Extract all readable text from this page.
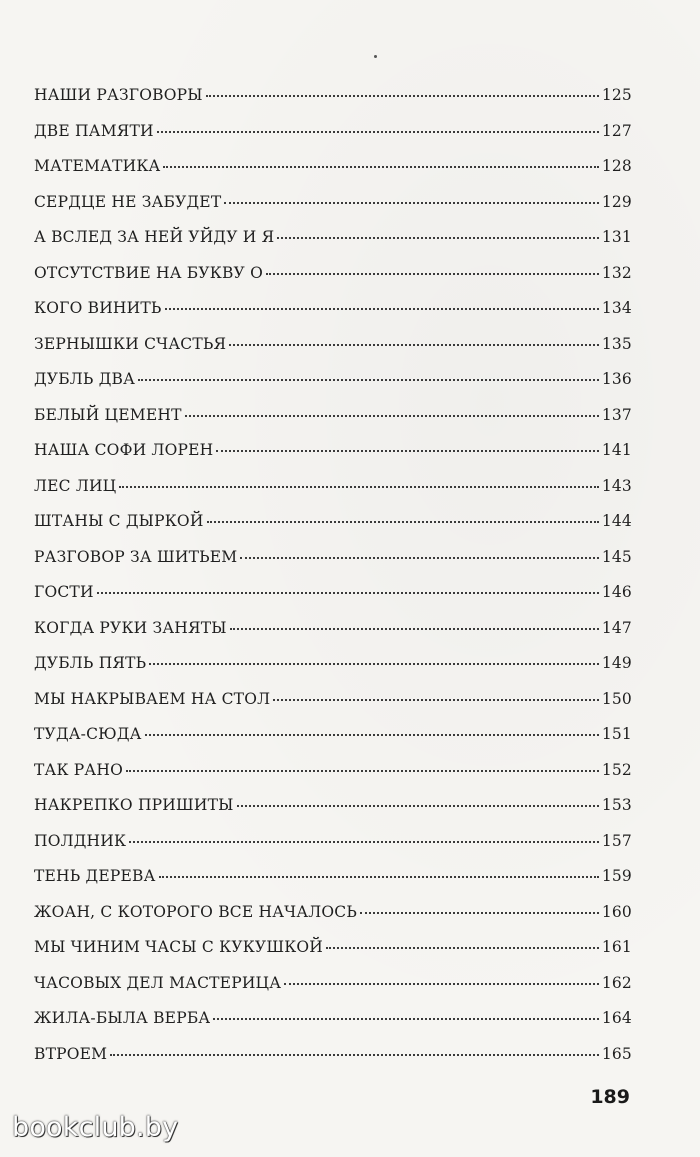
НАШИ РАЗГОВОРЫ	125
ДВЕ ПАМЯТИ	127
МАТЕМАТИКА	128
СЕРДЦЕ НЕ ЗАБУДЕТ	129
А ВСЛЕД ЗА НЕЙ УЙДУ И Я	131
ОТСУТСТВИЕ НА БУКВУ О	132
КОГО ВИНИТЬ	134
ЗЕРНЫШКИ СЧАСТЬЯ	135
ДУБЛЬ ДВА	136
БЕЛЫЙ ЦЕМЕНТ	137
НАША СОФИ ЛОРЕН	141
ЛЕС ЛИЦ	143
ШТАНЫ С ДЫРКОЙ	144
РАЗГОВОР ЗА ШИТЬЕМ	145
ГОСТИ	146
КОГДА РУКИ ЗАНЯТЫ	147
ДУБЛЬ ПЯТЬ	149
МЫ НАКРЫВАЕМ НА СТОЛ	150
ТУДА-СЮДА	151
ТАК РАНО	152
НАКРЕПКО ПРИШИТЫ	153
ПОЛДНИК	157
ТЕНЬ ДЕРЕВА	159
ЖОАН, С КОТОРОГО ВСЕ НАЧАЛОСЬ	160
МЫ ЧИНИМ ЧАСЫ С КУКУШКОЙ	161
ЧАСОВЫХ ДЕЛ МАСТЕРИЦА	162
ЖИЛА-БЫЛА ВЕРБА	164
ВТРОЕМ	165
189
bookclub.by
